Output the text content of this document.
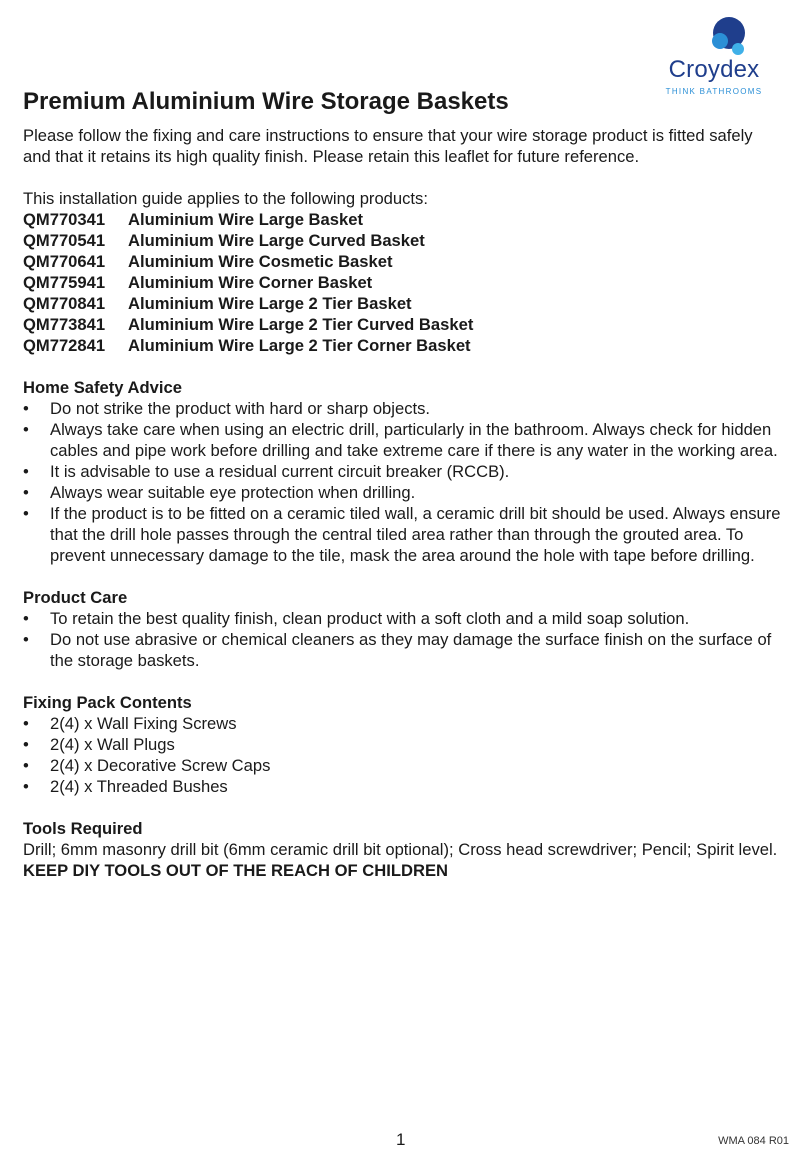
Croydex
THINK BATHROOMS
Premium Aluminium Wire Storage Baskets

Please follow the fixing and care instructions to ensure that your wire storage product is fitted safely and that it retains its high quality finish. Please retain this leaflet for future reference.

This installation guide applies to the following products:

QM770341	Aluminium Wire Large Basket
QM770541	Aluminium Wire Large Curved Basket
QM770641	Aluminium Wire Cosmetic Basket
QM775941	Aluminium Wire Corner Basket
QM770841	Aluminium Wire Large 2 Tier Basket
QM773841	Aluminium Wire Large 2 Tier Curved Basket
QM772841	Aluminium Wire Large 2 Tier Corner Basket
Home Safety Advice
• Do not strike the product with hard or sharp objects.
• Always take care when using an electric drill, particularly in the bathroom. Always check for hidden cables and pipe work before drilling and take extreme care if there is any water in the working area.
• It is advisable to use a residual current circuit breaker (RCCB).
• Always wear suitable eye protection when drilling.
• If the product is to be fitted on a ceramic tiled wall, a ceramic drill bit should be used. Always ensure that the drill hole passes through the central tiled area rather than through the grouted area. To prevent unnecessary damage to the tile, mask the area around the hole with tape before drilling.
Product Care
• To retain the best quality finish, clean product with a soft cloth and a mild soap solution.
• Do not use abrasive or chemical cleaners as they may damage the surface finish on the surface of the storage baskets.
Fixing Pack Contents
• 2(4) x Wall Fixing Screws
• 2(4) x Wall Plugs
• 2(4) x Decorative Screw Caps
• 2(4) x Threaded Bushes
Tools Required

Drill; 6mm masonry drill bit (6mm ceramic drill bit optional); Cross head screwdriver; Pencil; Spirit level. KEEP DIY TOOLS OUT OF THE REACH OF CHILDREN

1	WMA 084 R01
